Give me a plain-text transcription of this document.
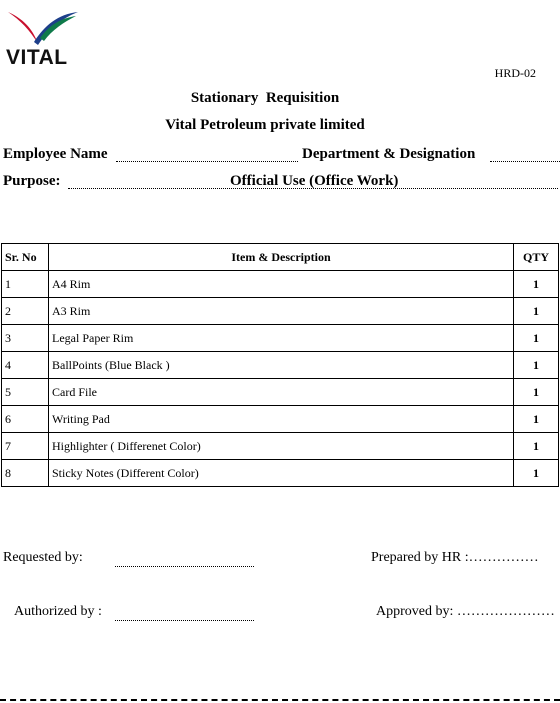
VITAL
HRD-02
Stationary  Requisition
Vital Petroleum private limited
Employee Name	Department & Designation
Purpose:	Official Use (Office Work)
Sr. No	Item & Description	QTY
1	A4 Rim	1
2	A3 Rim	1
3	Legal Paper Rim	1
4	BallPoints (Blue Black )	1
5	Card File	1
6	Writing Pad	1
7	Highlighter ( Differenet Color)	1
8	Sticky Notes (Different Color)	1
Requested by:	Prepared by HR :……………
Authorized by :	Approved by: …………………
